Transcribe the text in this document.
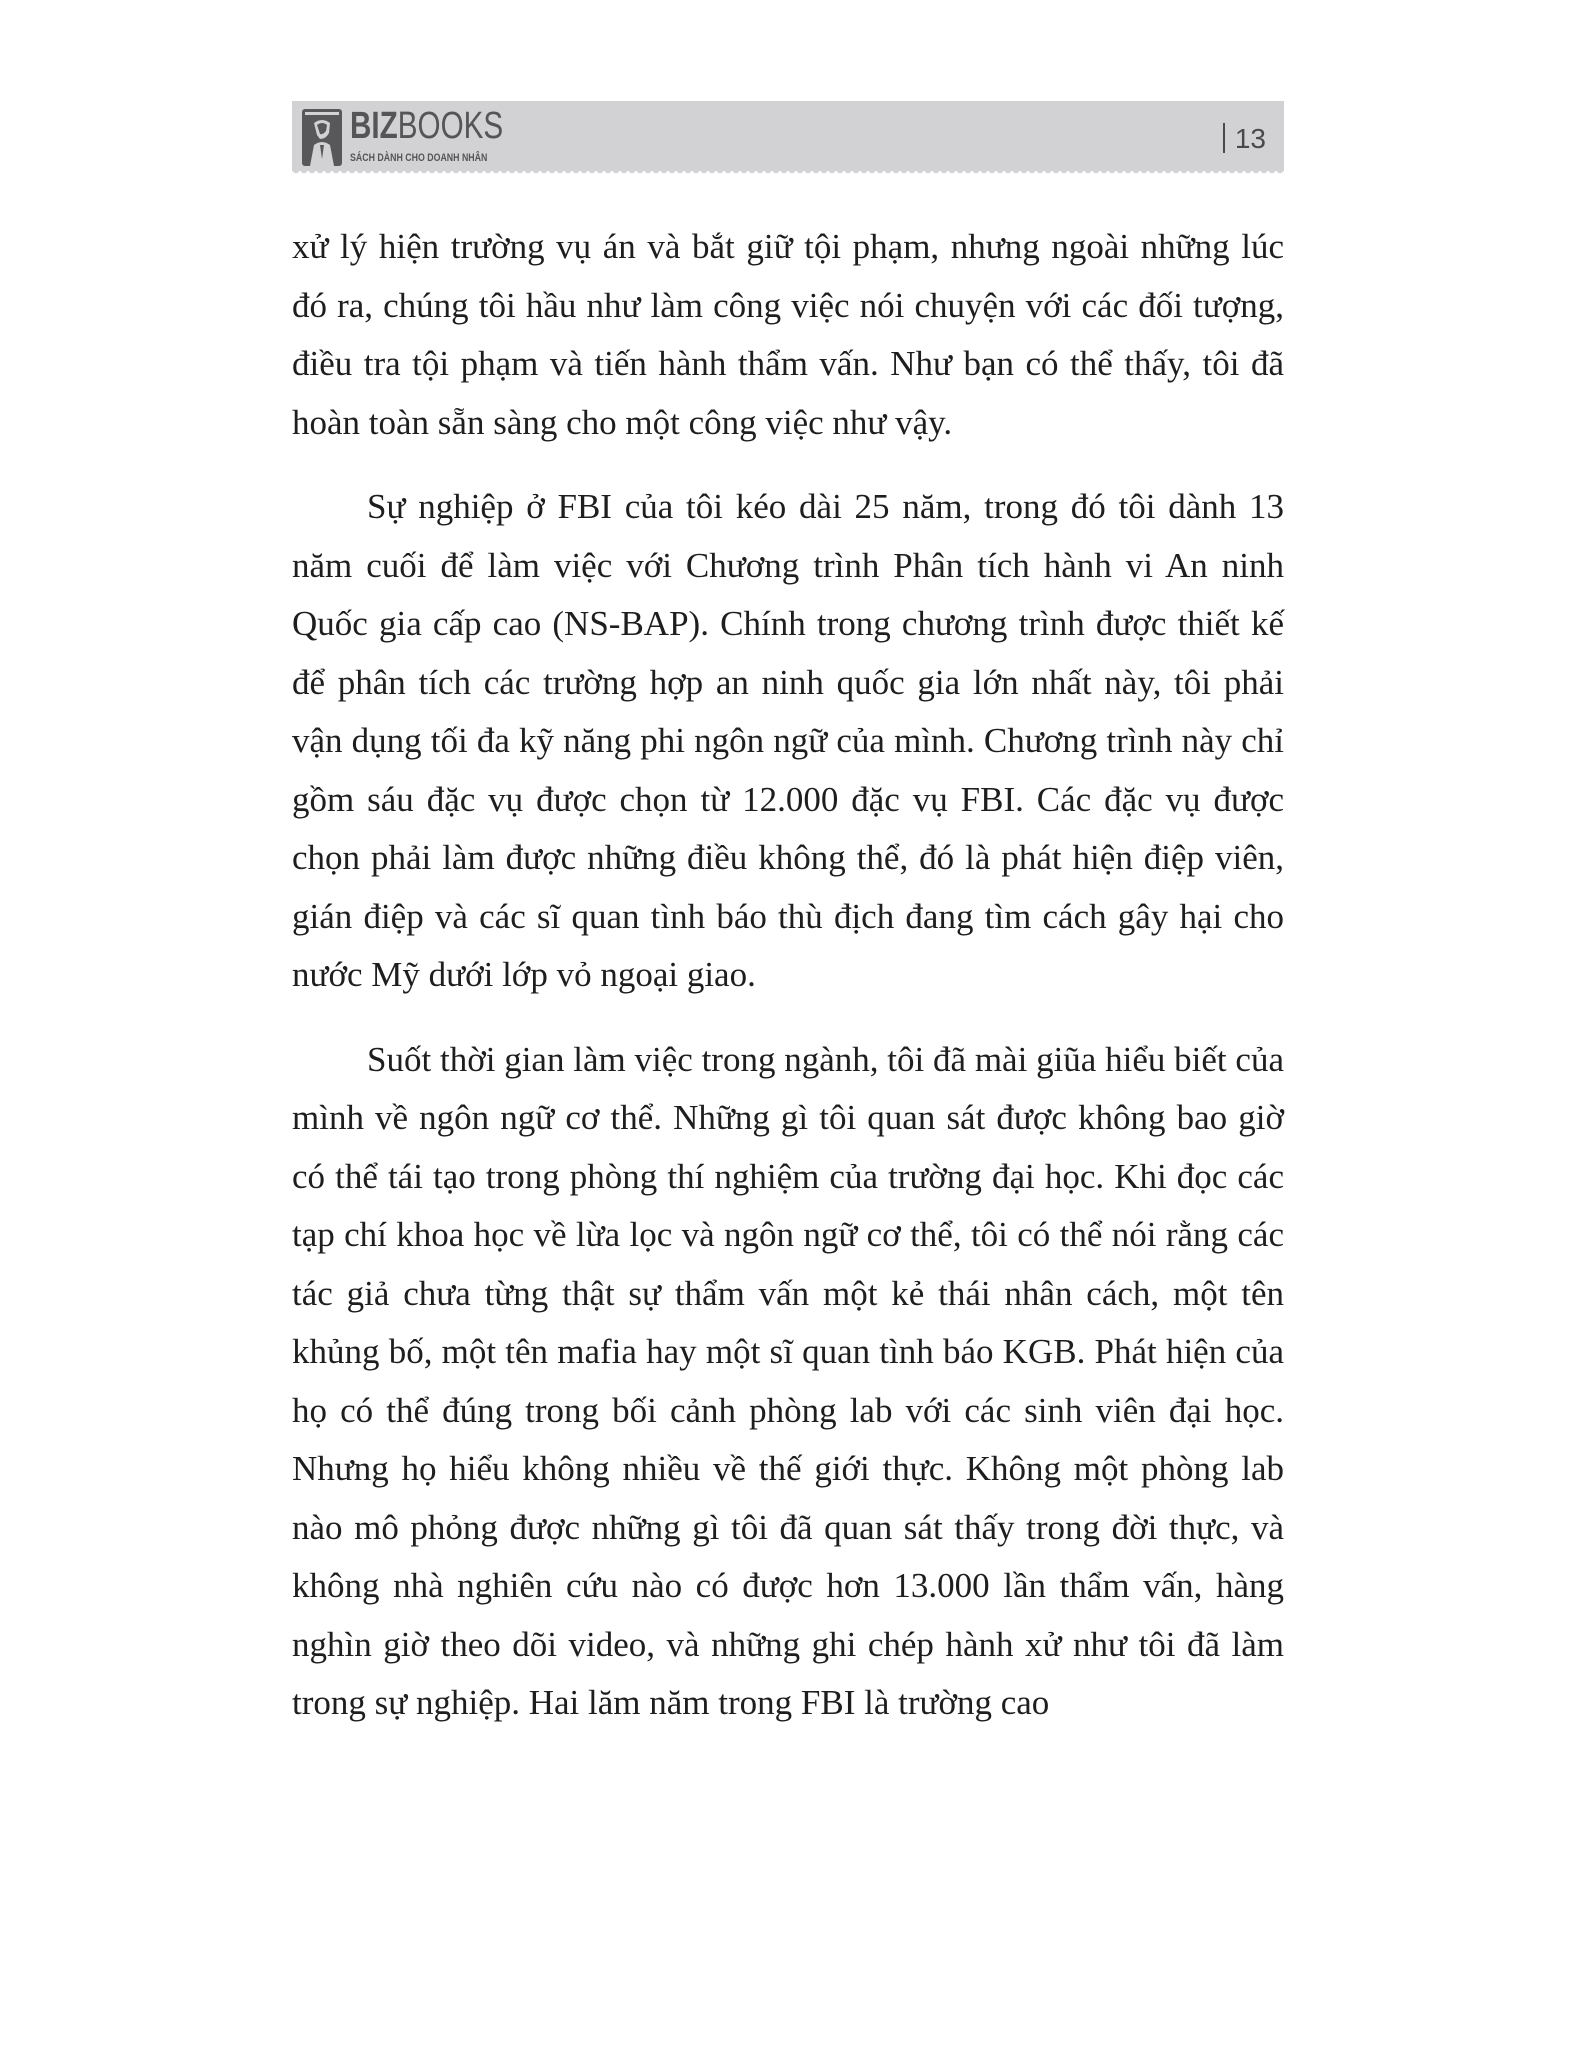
BIZBOOKS
SÁCH DÀNH CHO DOANH NHÂN
13

xử lý hiện trường vụ án và bắt giữ tội phạm, nhưng ngoài những lúc đó ra, chúng tôi hầu như làm công việc nói chuyện với các đối tượng, điều tra tội phạm và tiến hành thẩm vấn. Như bạn có thể thấy, tôi đã hoàn toàn sẵn sàng cho một công việc như vậy.

Sự nghiệp ở FBI của tôi kéo dài 25 năm, trong đó tôi dành 13 năm cuối để làm việc với Chương trình Phân tích hành vi An ninh Quốc gia cấp cao (NS-BAP). Chính trong chương trình được thiết kế để phân tích các trường hợp an ninh quốc gia lớn nhất này, tôi phải vận dụng tối đa kỹ năng phi ngôn ngữ của mình. Chương trình này chỉ gồm sáu đặc vụ được chọn từ 12.000 đặc vụ FBI. Các đặc vụ được chọn phải làm được những điều không thể, đó là phát hiện điệp viên, gián điệp và các sĩ quan tình báo thù địch đang tìm cách gây hại cho nước Mỹ dưới lớp vỏ ngoại giao.

Suốt thời gian làm việc trong ngành, tôi đã mài giũa hiểu biết của mình về ngôn ngữ cơ thể. Những gì tôi quan sát được không bao giờ có thể tái tạo trong phòng thí nghiệm của trường đại học. Khi đọc các tạp chí khoa học về lừa lọc và ngôn ngữ cơ thể, tôi có thể nói rằng các tác giả chưa từng thật sự thẩm vấn một kẻ thái nhân cách, một tên khủng bố, một tên mafia hay một sĩ quan tình báo KGB. Phát hiện của họ có thể đúng trong bối cảnh phòng lab với các sinh viên đại học. Nhưng họ hiểu không nhiều về thế giới thực. Không một phòng lab nào mô phỏng được những gì tôi đã quan sát thấy trong đời thực, và không nhà nghiên cứu nào có được hơn 13.000 lần thẩm vấn, hàng nghìn giờ theo dõi video, và những ghi chép hành xử như tôi đã làm trong sự nghiệp. Hai lăm năm trong FBI là trường cao
